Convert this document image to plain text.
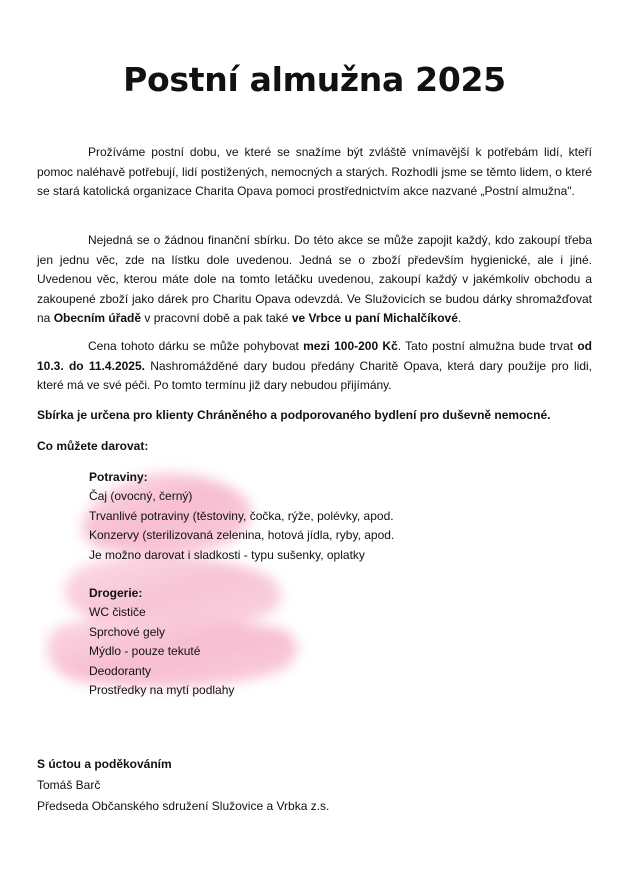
Postní almužna 2025

Prožíváme postní dobu, ve které se snažíme být zvláště vnímavější k potřebám lidí, kteří pomoc naléhavě potřebují, lidí postižených, nemocných a starých. Rozhodli jsme se těmto lidem, o které se stará katolická organizace Charita Opava pomoci prostřednictvím akce nazvané „Postní almužna".

Nejedná se o žádnou finanční sbírku. Do této akce se může zapojit každý, kdo zakoupí třeba jen jednu věc, zde na lístku dole uvedenou. Jedná se o zboží především hygienické, ale i jiné. Uvedenou věc, kterou máte dole na tomto letáčku uvedenou, zakoupí každý v jakémkoliv obchodu a zakoupené zboží jako dárek pro Charitu Opava odevzdá. Ve Služovicích se budou dárky shromažďovat na Obecním úřadě v pracovní době a pak také ve Vrbce u paní Michalčíkové.

Cena tohoto dárku se může pohybovat mezi 100-200 Kč. Tato postní almužna bude trvat od 10.3. do 11.4.2025. Nashromážděné dary budou předány Charitě Opava, která dary použije pro lidi, které má ve své péči. Po tomto termínu již dary nebudou přijímány.

Sbírka je určena pro klienty Chráněného a podporovaného bydlení pro duševně nemocné.

Co můžete darovat:

Potraviny:
Čaj (ovocný, černý)
Trvanlivé potraviny (těstoviny, čočka, rýže, polévky, apod.
Konzervy (sterilizovaná zelenina, hotová jídla, ryby, apod.
Je možno darovat i sladkosti - typu sušenky, oplatky
Drogerie:
WC čističe
Sprchové gely
Mýdlo - pouze tekuté
Deodoranty
Prostředky na mytí podlahy

S úctou a poděkováním

Tomáš Barč

Předseda Občanského sdružení Služovice a Vrbka z.s.
